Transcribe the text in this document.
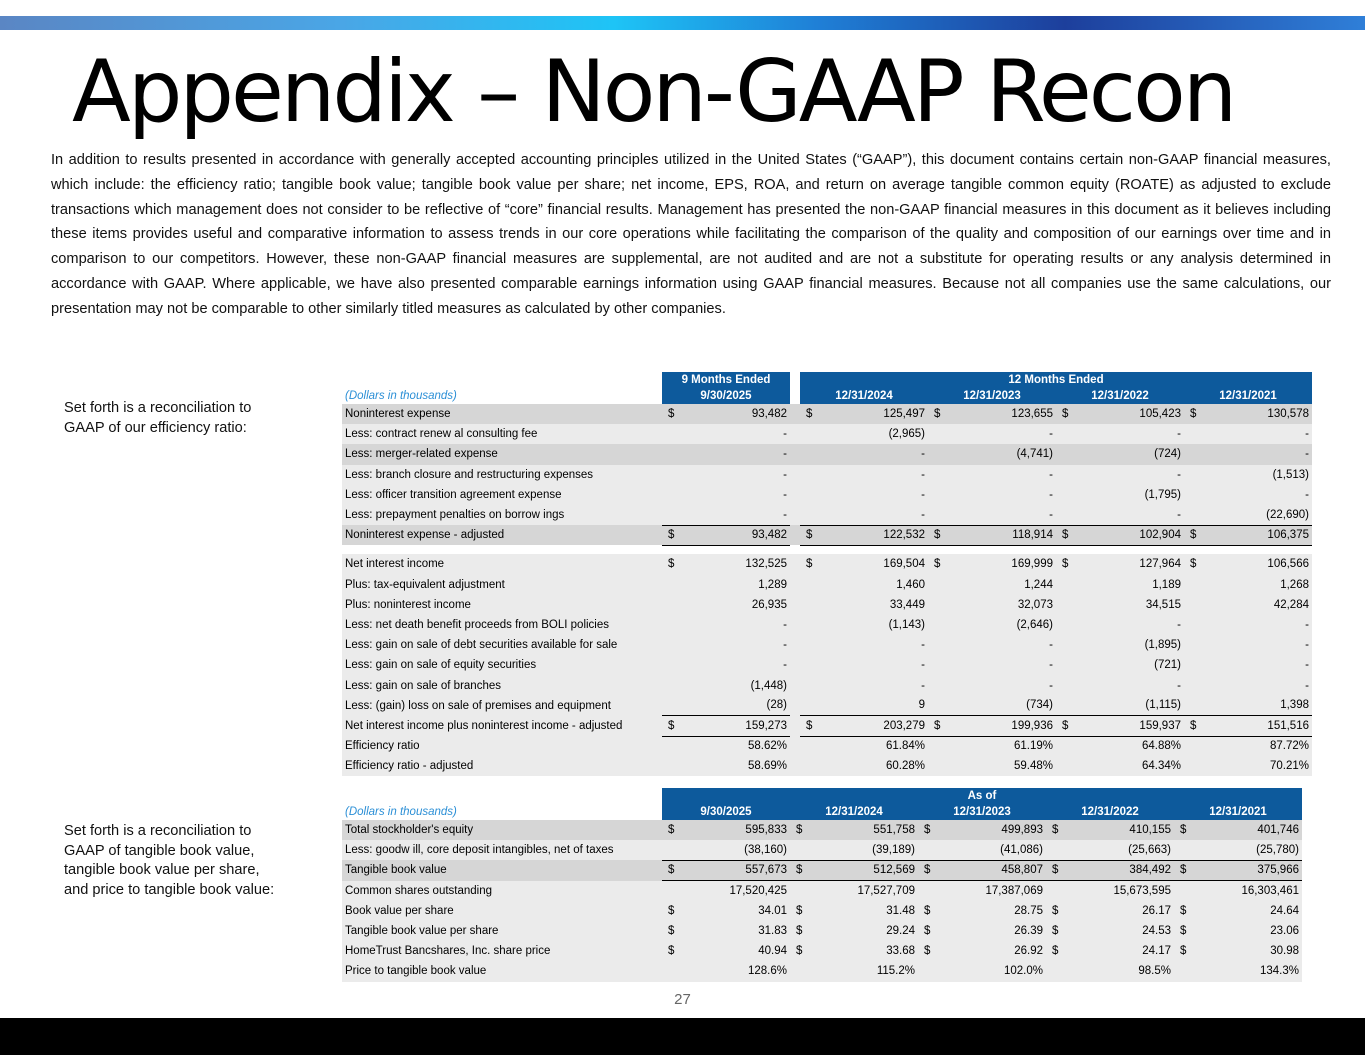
Appendix – Non-GAAP Recon

In addition to results presented in accordance with generally accepted accounting principles utilized in the United States (“GAAP”), this document contains certain non-GAAP financial measures, which include: the efficiency ratio; tangible book value; tangible book value per share; net income, EPS, ROA, and return on average tangible common equity (ROATE) as adjusted to exclude transactions which management does not consider to be reflective of “core” financial results. Management has presented the non-GAAP financial measures in this document as it believes including these items provides useful and comparative information to assess trends in our core operations while facilitating the comparison of the quality and composition of our earnings over time and in comparison to our competitors. However, these non-GAAP financial measures are supplemental, are not audited and are not a substitute for operating results or any analysis determined in accordance with GAAP. Where applicable, we have also presented comparable earnings information using GAAP financial measures. Because not all companies use the same calculations, our presentation may not be comparable to other similarly titled measures as calculated by other companies.

Set forth is a reconciliation to GAAP of our efficiency ratio:
Set forth is a reconciliation to GAAP of tangible book value, tangible book value per share, and price to tangible book value:
	9 Months Ended			12 Months Ended							
(Dollars in thousands)	9/30/2025			12/31/2024		12/31/2023		12/31/2022		12/31/2021	
Noninterest expense	$	93,482		$	125,497	$	123,655	$	105,423	$	130,578
Less: contract renew al consulting fee		-			(2,965)		-		-		-
Less: merger-related expense		-			-		(4,741)		(724)		-
Less: branch closure and restructuring expenses		-			-		-		-		(1,513)
Less: officer transition agreement expense		-			-		-		(1,795)		-
Less: prepayment penalties on borrow ings		-			-		-		-		(22,690)
Noninterest expense - adjusted	$	93,482		$	122,532	$	118,914	$	102,904	$	106,375

Net interest income	$	132,525		$	169,504	$	169,999	$	127,964	$	106,566
Plus: tax-equivalent adjustment		1,289			1,460		1,244		1,189		1,268
Plus: noninterest income		26,935			33,449		32,073		34,515		42,284
Less: net death benefit proceeds from BOLI policies		-			(1,143)		(2,646)		-		-
Less: gain on sale of debt securities available for sale		-			-		-		(1,895)		-
Less: gain on sale of equity securities		-			-		-		(721)		-
Less: gain on sale of branches		(1,448)			-		-		-		-
Less: (gain) loss on sale of premises and equipment		(28)			9		(734)		(1,115)		1,398
Net interest income plus noninterest income - adjusted	$	159,273		$	203,279	$	199,936	$	159,937	$	151,516
Efficiency ratio		58.62%			61.84%		61.19%		64.88%		87.72%
Efficiency ratio - adjusted		58.69%			60.28%		59.48%		64.34%		70.21%
	As of									
(Dollars in thousands)	9/30/2025		12/31/2024		12/31/2023		12/31/2022		12/31/2021	
Total stockholder's equity	$	595,833	$	551,758	$	499,893	$	410,155	$	401,746
Less: goodw ill, core deposit intangibles, net of taxes		(38,160)		(39,189)		(41,086)		(25,663)		(25,780)
Tangible book value	$	557,673	$	512,569	$	458,807	$	384,492	$	375,966
Common shares outstanding		17,520,425		17,527,709		17,387,069		15,673,595		16,303,461
Book value per share	$	34.01	$	31.48	$	28.75	$	26.17	$	24.64
Tangible book value per share	$	31.83	$	29.24	$	26.39	$	24.53	$	23.06
HomeTrust Bancshares, Inc. share price	$	40.94	$	33.68	$	26.92	$	24.17	$	30.98
Price to tangible book value		128.6%		115.2%		102.0%		98.5%		134.3%
27
